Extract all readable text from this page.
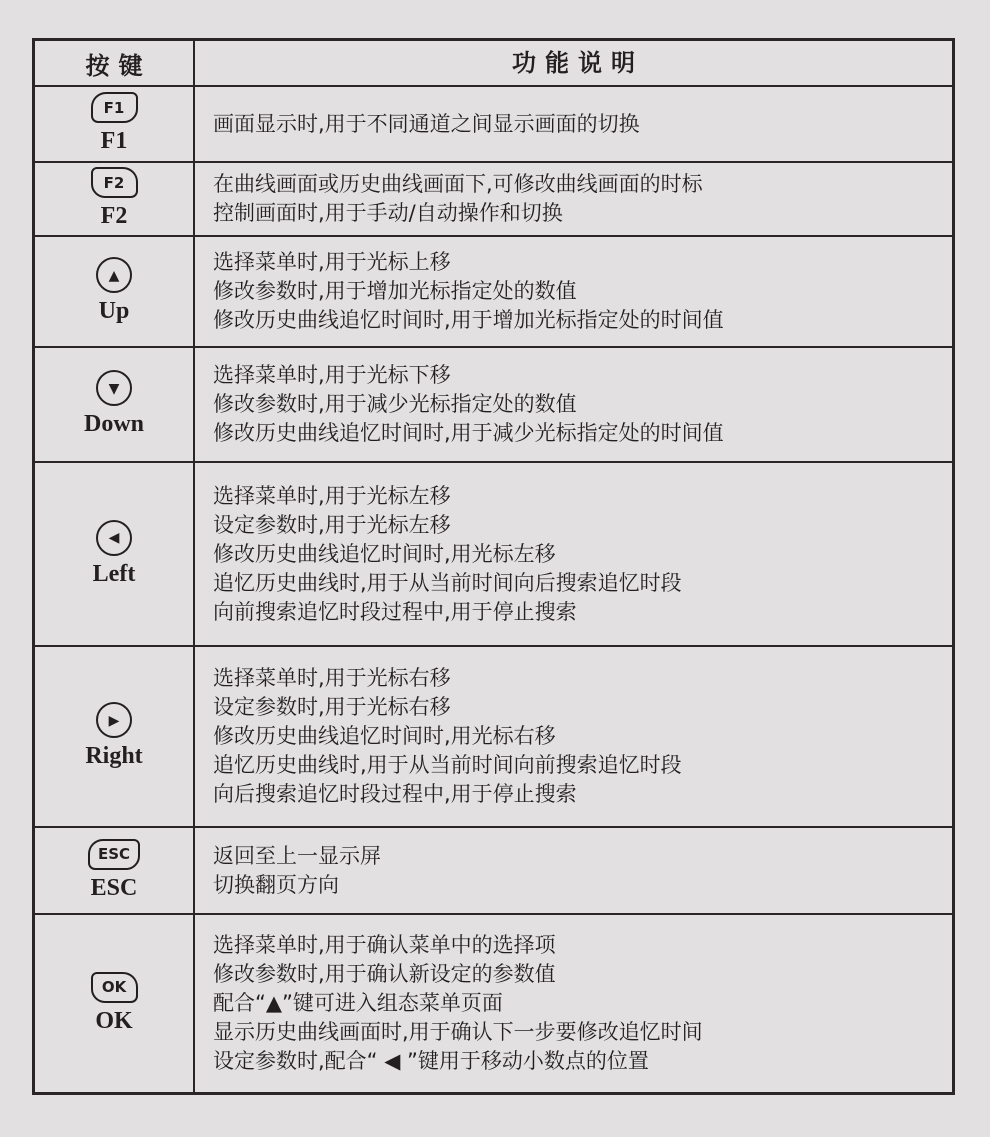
按键	功能说明
F1
F1
画面显示时,用于不同通道之间显示画面的切换
F2
F2
在曲线画面或历史曲线画面下,可修改曲线画面的时标
控制画面时,用于手动/自动操作和切换
▲
Up
选择菜单时,用于光标上移
修改参数时,用于增加光标指定处的数值
修改历史曲线追忆时间时,用于增加光标指定处的时间值
▼
Down
选择菜单时,用于光标下移
修改参数时,用于减少光标指定处的数值
修改历史曲线追忆时间时,用于减少光标指定处的时间值
◀
Left
选择菜单时,用于光标左移
设定参数时,用于光标左移
修改历史曲线追忆时间时,用光标左移
追忆历史曲线时,用于从当前时间向后搜索追忆时段
向前搜索追忆时段过程中,用于停止搜索
▶
Right
选择菜单时,用于光标右移
设定参数时,用于光标右移
修改历史曲线追忆时间时,用光标右移
追忆历史曲线时,用于从当前时间向前搜索追忆时段
向后搜索追忆时段过程中,用于停止搜索
ESC
ESC
返回至上一显示屏
切换翻页方向
OK
OK
选择菜单时,用于确认菜单中的选择项
修改参数时,用于确认新设定的参数值
配合“▲”键可进入组态菜单页面
显示历史曲线画面时,用于确认下一步要修改追忆时间
设定参数时,配合“ ◀ ”键用于移动小数点的位置
